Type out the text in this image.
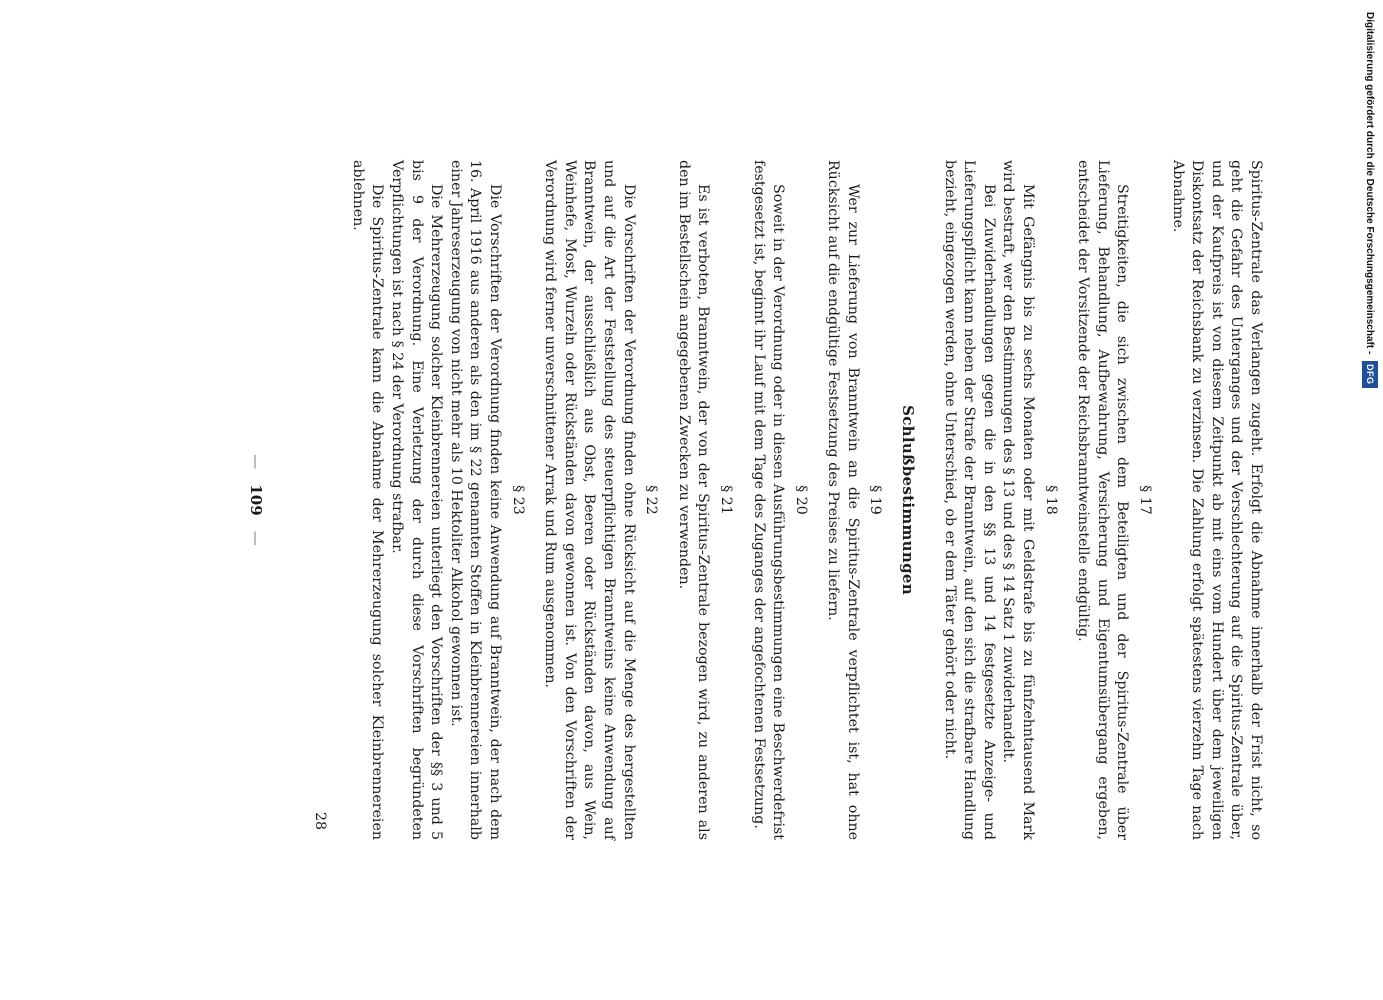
— 109 —	Spiritus-Zentrale das Verlangen zugeht. Erfolgt die Abnahme innerhalb der Frist nicht, so geht die Gefahr des Unterganges und der Verschlechterung auf die Spiritus-Zentrale über, und der Kaufpreis ist von diesem Zeitpunkt ab mit eins vom Hundert über dem jeweiligen Diskontsatz der Reichsbank zu verzinsen. Die Zahlung erfolgt spätestens vierzehn Tage nach Abnahme.

§ 17

Streitigkeiten, die sich zwischen dem Beteiligten und der Spiritus-Zentrale über Lieferung, Behandlung, Aufbewahrung, Versicherung und Eigentumsübergang ergeben, entscheidet der Vorsitzende der Reichsbranntweinstelle endgültig.

§ 18

Mit Gefängnis bis zu sechs Monaten oder mit Geldstrafe bis zu fünfzehntausend Mark wird bestraft, wer den Bestimmungen des § 13 und des § 14 Satz 1 zuwiderhandelt.

Bei Zuwiderhandlungen gegen die in den §§ 13 und 14 festgesetzte Anzeige- und Lieferungspflicht kann neben der Strafe der Branntwein, auf den sich die strafbare Handlung bezieht, eingezogen werden, ohne Unterschied, ob er dem Täter gehört oder nicht.

Schlußbestimmungen
§ 19

Wer zur Lieferung von Branntwein an die Spiritus-Zentrale verpflichtet ist, hat ohne Rücksicht auf die endgültige Festsetzung des Preises zu liefern.

§ 20

Soweit in der Verordnung oder in diesen Ausführungsbestimmungen eine Beschwerdefrist festgesetzt ist, beginnt ihr Lauf mit dem Tage des Zuganges der angefochtenen Festsetzung.

§ 21

Es ist verboten, Branntwein, der von der Spiritus-Zentrale bezogen wird, zu anderen als den im Bestellschein angegebenen Zwecken zu verwenden.

§ 22

Die Vorschriften der Verordnung finden ohne Rücksicht auf die Menge des hergestellten und auf die Art der Feststellung des steuerpflichtigen Branntweins keine Anwendung auf Branntwein, der ausschließlich aus Obst, Beeren oder Rückständen davon, aus Wein, Weinhefe, Most, Wurzeln oder Rückständen davon gewonnen ist. Von den Vorschriften der Verordnung wird ferner unverschnittener Arrak und Rum ausgenommen.

§ 23

Die Vorschriften der Verordnung finden keine Anwendung auf Branntwein, der nach dem 16. April 1916 aus anderen als den im § 22 genannten Stoffen in Kleinbrennereien innerhalb einer Jahreserzeugung von nicht mehr als 10 Hektoliter Alkohol gewonnen ist.

Die Mehrerzeugung solcher Kleinbrennereien unterliegt den Vorschriften der §§ 3 und 5 bis 9 der Verordnung. Eine Verletzung der durch diese Vorschriften begründeten Verpflichtungen ist nach § 24 der Verordnung strafbar.

Die Spiritus-Zentrale kann die Abnahme der Mehrerzeugung solcher Kleinbrennereien ablehnen.

28
Digitalisierung gefördert durch die Deutsche Forschungsgemeinschaft - DFG
